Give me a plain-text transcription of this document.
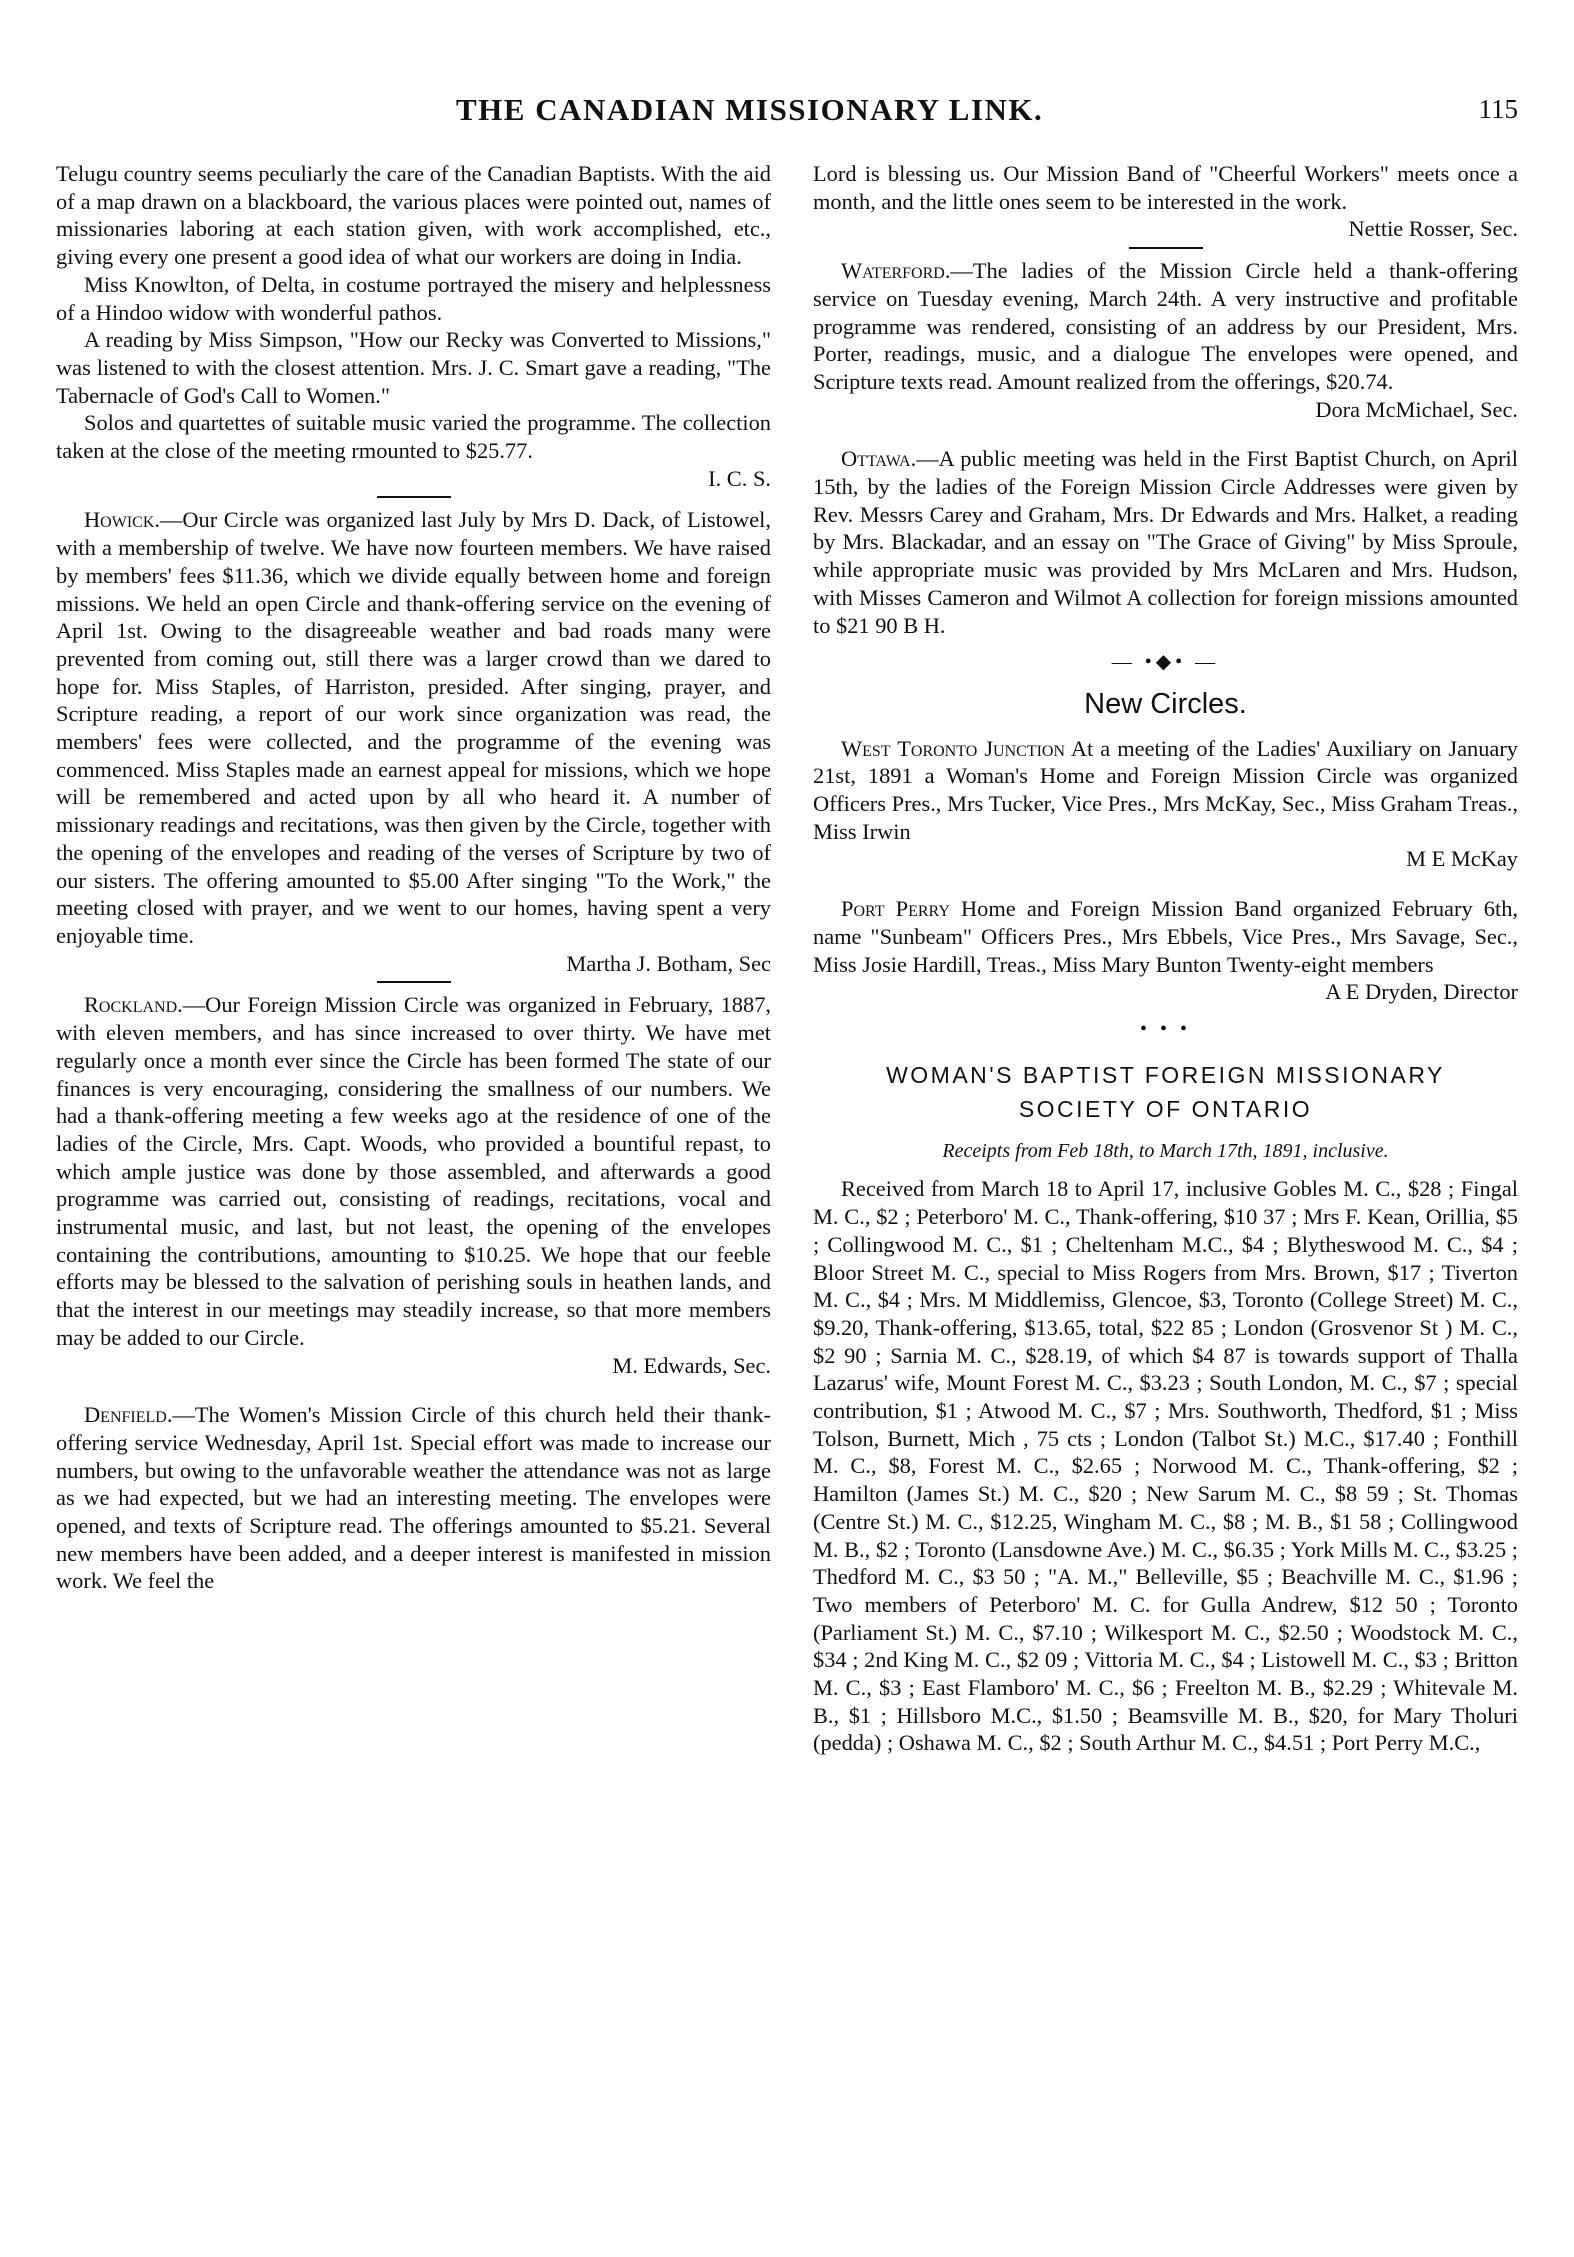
THE CANADIAN MISSIONARY LINK.	115

Telugu country seems peculiarly the care of the Canadian Baptists. With the aid of a map drawn on a blackboard, the various places were pointed out, names of missionaries laboring at each station given, with work accomplished, etc., giving every one present a good idea of what our workers are doing in India.

Miss Knowlton, of Delta, in costume portrayed the misery and helplessness of a Hindoo widow with wonderful pathos.

A reading by Miss Simpson, "How our Recky was Converted to Missions," was listened to with the closest attention. Mrs. J. C. Smart gave a reading, "The Tabernacle of God's Call to Women."

Solos and quartettes of suitable music varied the programme. The collection taken at the close of the meeting rmounted to $25.77.

I. C. S.

Howick.—Our Circle was organized last July by Mrs D. Dack, of Listowel, with a membership of twelve. We have now fourteen members. We have raised by members' fees $11.36, which we divide equally between home and foreign missions. We held an open Circle and thank-offering service on the evening of April 1st. Owing to the disagreeable weather and bad roads many were prevented from coming out, still there was a larger crowd than we dared to hope for. Miss Staples, of Harriston, presided. After singing, prayer, and Scripture reading, a report of our work since organization was read, the members' fees were collected, and the programme of the evening was commenced. Miss Staples made an earnest appeal for missions, which we hope will be remembered and acted upon by all who heard it. A number of missionary readings and recitations, was then given by the Circle, together with the opening of the envelopes and reading of the verses of Scripture by two of our sisters. The offering amounted to $5.00 After singing "To the Work," the meeting closed with prayer, and we went to our homes, having spent a very enjoyable time.

Martha J. Botham, Sec

Rockland.—Our Foreign Mission Circle was organized in February, 1887, with eleven members, and has since increased to over thirty. We have met regularly once a month ever since the Circle has been formed The state of our finances is very encouraging, considering the smallness of our numbers. We had a thank-offering meeting a few weeks ago at the residence of one of the ladies of the Circle, Mrs. Capt. Woods, who provided a bountiful repast, to which ample justice was done by those assembled, and afterwards a good programme was carried out, consisting of readings, recitations, vocal and instrumental music, and last, but not least, the opening of the envelopes containing the contributions, amounting to $10.25. We hope that our feeble efforts may be blessed to the salvation of perishing souls in heathen lands, and that the interest in our meetings may steadily increase, so that more members may be added to our Circle.

M. Edwards, Sec.

Denfield.—The Women's Mission Circle of this church held their thank-offering service Wednesday, April 1st. Special effort was made to increase our numbers, but owing to the unfavorable weather the attendance was not as large as we had expected, but we had an interesting meeting. The envelopes were opened, and texts of Scripture read. The offerings amounted to $5.21. Several new members have been added, and a deeper interest is manifested in mission work. We feel the

Lord is blessing us. Our Mission Band of "Cheerful Workers" meets once a month, and the little ones seem to be interested in the work.

Nettie Rosser, Sec.

Waterford.—The ladies of the Mission Circle held a thank-offering service on Tuesday evening, March 24th. A very instructive and profitable programme was rendered, consisting of an address by our President, Mrs. Porter, readings, music, and a dialogue The envelopes were opened, and Scripture texts read. Amount realized from the offerings, $20.74.

Dora McMichael, Sec.

Ottawa.—A public meeting was held in the First Baptist Church, on April 15th, by the ladies of the Foreign Mission Circle Addresses were given by Rev. Messrs Carey and Graham, Mrs. Dr Edwards and Mrs. Halket, a reading by Mrs. Blackadar, and an essay on "The Grace of Giving" by Miss Sproule, while appropriate music was provided by Mrs McLaren and Mrs. Hudson, with Misses Cameron and Wilmot A collection for foreign missions amounted to $21 90 B H.

— •◆• —
New Circles.

West Toronto Junction At a meeting of the Ladies' Auxiliary on January 21st, 1891 a Woman's Home and Foreign Mission Circle was organized Officers Pres., Mrs Tucker, Vice Pres., Mrs McKay, Sec., Miss Graham Treas., Miss Irwin

M E McKay

Port Perry Home and Foreign Mission Band organized February 6th, name "Sunbeam" Officers Pres., Mrs Ebbels, Vice Pres., Mrs Savage, Sec., Miss Josie Hardill, Treas., Miss Mary Bunton Twenty-eight members

A E Dryden, Director
• • •
WOMAN'S BAPTIST FOREIGN MISSIONARY
SOCIETY OF ONTARIO
Receipts from Feb 18th, to March 17th, 1891, inclusive.

Received from March 18 to April 17, inclusive Gobles M. C., $28 ; Fingal M. C., $2 ; Peterboro' M. C., Thank-offering, $10 37 ; Mrs F. Kean, Orillia, $5 ; Collingwood M. C., $1 ; Cheltenham M.C., $4 ; Blytheswood M. C., $4 ; Bloor Street M. C., special to Miss Rogers from Mrs. Brown, $17 ; Tiverton M. C., $4 ; Mrs. M Middlemiss, Glencoe, $3, Toronto (College Street) M. C., $9.20, Thank-offering, $13.65, total, $22 85 ; London (Grosvenor St ) M. C., $2 90 ; Sarnia M. C., $28.19, of which $4 87 is towards support of Thalla Lazarus' wife, Mount Forest M. C., $3.23 ; South London, M. C., $7 ; special contribution, $1 ; Atwood M. C., $7 ; Mrs. Southworth, Thedford, $1 ; Miss Tolson, Burnett, Mich , 75 cts ; London (Talbot St.) M.C., $17.40 ; Fonthill M. C., $8, Forest M. C., $2.65 ; Norwood M. C., Thank-offering, $2 ; Hamilton (James St.) M. C., $20 ; New Sarum M. C., $8 59 ; St. Thomas (Centre St.) M. C., $12.25, Wingham M. C., $8 ; M. B., $1 58 ; Collingwood M. B., $2 ; Toronto (Lansdowne Ave.) M. C., $6.35 ; York Mills M. C., $3.25 ; Thedford M. C., $3 50 ; "A. M.," Belleville, $5 ; Beachville M. C., $1.96 ; Two members of Peterboro' M. C. for Gulla Andrew, $12 50 ; Toronto (Parliament St.) M. C., $7.10 ; Wilkesport M. C., $2.50 ; Woodstock M. C., $34 ; 2nd King M. C., $2 09 ; Vittoria M. C., $4 ; Listowell M. C., $3 ; Britton M. C., $3 ; East Flamboro' M. C., $6 ; Freelton M. B., $2.29 ; Whitevale M. B., $1 ; Hillsboro M.C., $1.50 ; Beamsville M. B., $20, for Mary Tholuri (pedda) ; Oshawa M. C., $2 ; South Arthur M. C., $4.51 ; Port Perry M.C.,
